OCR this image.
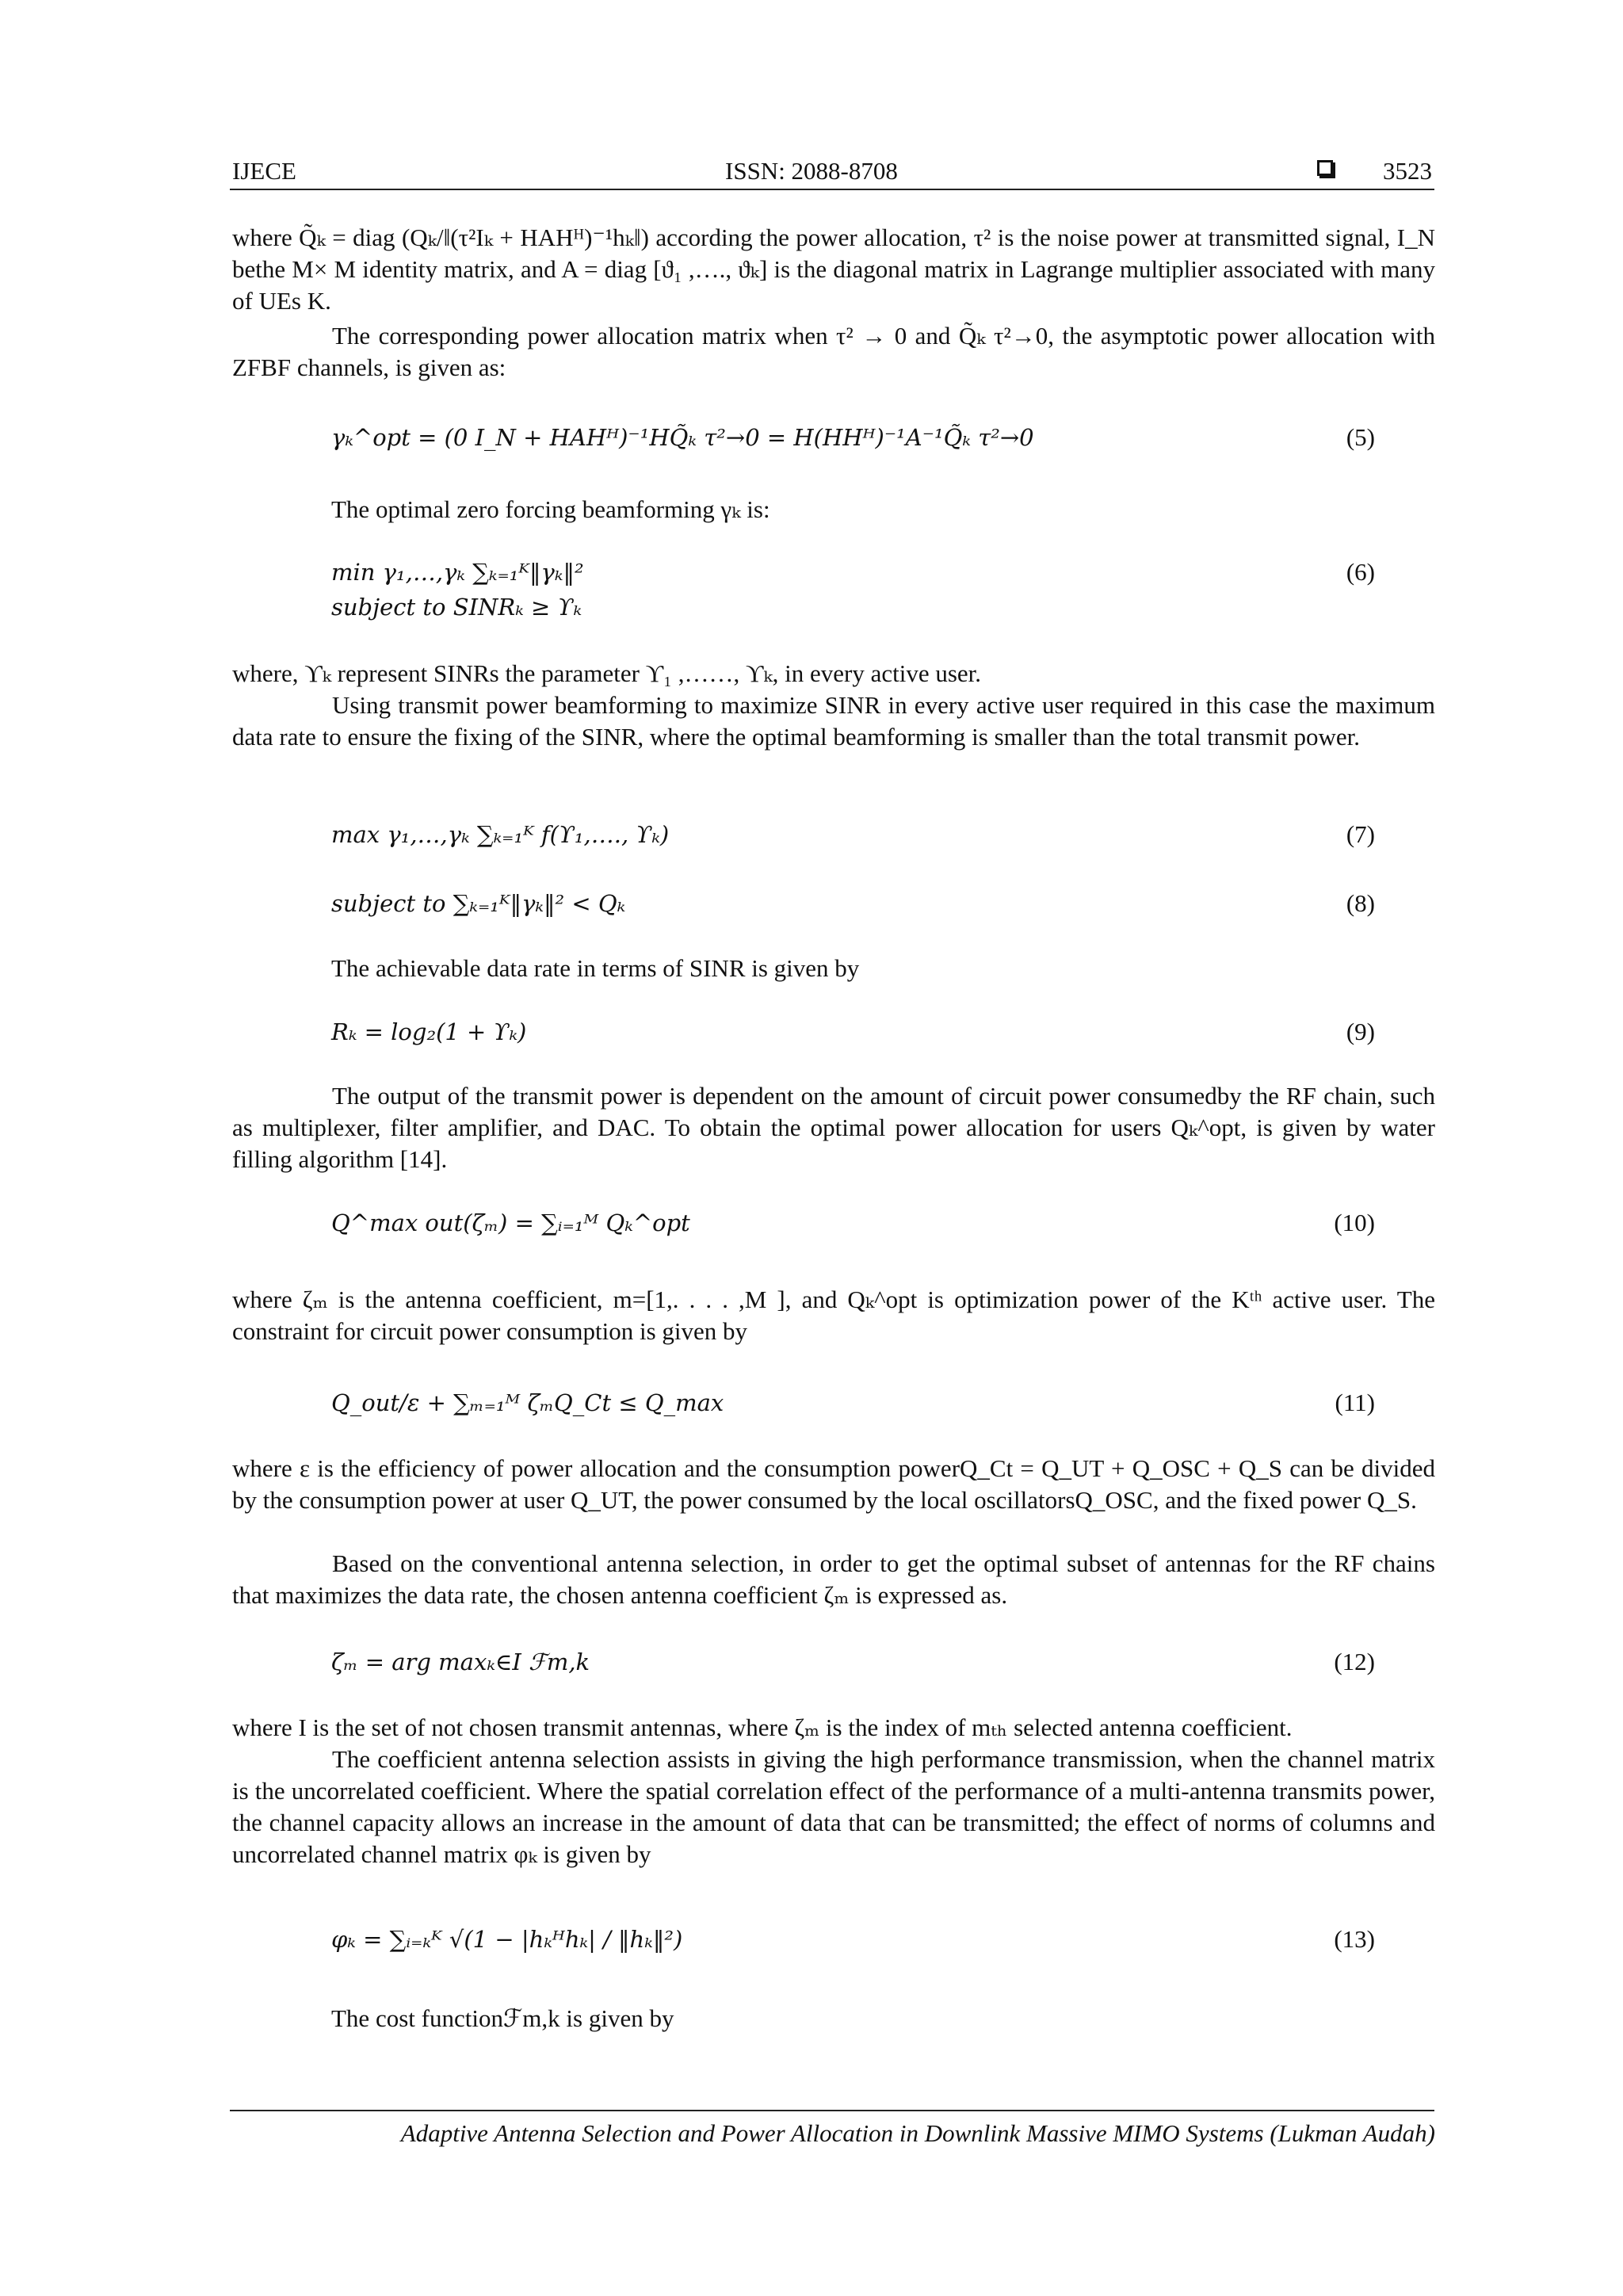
IJECE	ISSN: 2088-8708	3523

where Q̃ₖ = diag (Qₖ/‖(τ²Iₖ + HAHᴴ)⁻¹hₖ‖) according the power allocation, τ² is the noise power at transmitted signal, I_N bethe M× M identity matrix, and A = diag [ϑ₁ ,…., ϑₖ] is the diagonal matrix in Lagrange multiplier associated with many of UEs K.

The corresponding power allocation matrix when τ² → 0 and Q̃ₖ τ²→0, the asymptotic power allocation with ZFBF channels, is given as:

γₖ^opt = (0 I_N + HAHᴴ)⁻¹HQ̃ₖ τ²→0 = H(HHᴴ)⁻¹A⁻¹Q̃ₖ τ²→0	(5)
The optimal zero forcing beamforming γₖ is:
min γ₁,…,γₖ ∑ₖ₌₁ᴷ‖γₖ‖²	(6)
subject to SINRₖ ≥ ϒₖ

where, ϒₖ represent SINRs the parameter ϒ₁ ,……, ϒₖ, in every active user.

Using transmit power beamforming to maximize SINR in every active user required in this case the maximum data rate to ensure the fixing of the SINR, where the optimal beamforming is smaller than the total transmit power.

max γ₁,…,γₖ ∑ₖ₌₁ᴷ f(ϒ₁,…., ϒₖ)	(7)
subject to ∑ₖ₌₁ᴷ‖γₖ‖² < Qₖ	(8)
The achievable data rate in terms of SINR is given by
Rₖ = log₂(1 + ϒₖ)	(9)

The output of the transmit power is dependent on the amount of circuit power consumedby the RF chain, such as multiplexer, filter amplifier, and DAC. To obtain the optimal power allocation for users Qₖ^opt, is given by water filling algorithm [14].

Q^max out(ζₘ) = ∑ᵢ₌₁ᴹ Qₖ^opt	(10)

where ζₘ is the antenna coefficient, m=[1,. . . . ,M ], and Qₖ^opt is optimization power of the Kᵗʰ active user. The constraint for circuit power consumption is given by

Q_out/ε + ∑ₘ₌₁ᴹ ζₘQ_Ct ≤ Q_max	(11)

where ε is the efficiency of power allocation and the consumption powerQ_Ct = Q_UT + Q_OSC + Q_S can be divided by the consumption power at user Q_UT, the power consumed by the local oscillatorsQ_OSC, and the fixed power Q_S.

Based on the conventional antenna selection, in order to get the optimal subset of antennas for the RF chains that maximizes the data rate, the chosen antenna coefficient ζₘ is expressed as.

ζₘ = arg maxₖ∈I ℱm,k	(12)

where I is the set of not chosen transmit antennas, where ζₘ is the index of mₜₕ selected antenna coefficient.

The coefficient antenna selection assists in giving the high performance transmission, when the channel matrix is the uncorrelated coefficient. Where the spatial correlation effect of the performance of a multi-antenna transmits power, the channel capacity allows an increase in the amount of data that can be transmitted; the effect of norms of columns and uncorrelated channel matrix φₖ is given by

φₖ = ∑ᵢ₌ₖᴷ √(1 − |hₖᴴhₖ| / ‖hₖ‖²)	(13)
The cost functionℱm,k is given by
Adaptive Antenna Selection and Power Allocation in Downlink Massive MIMO Systems (Lukman Audah)
